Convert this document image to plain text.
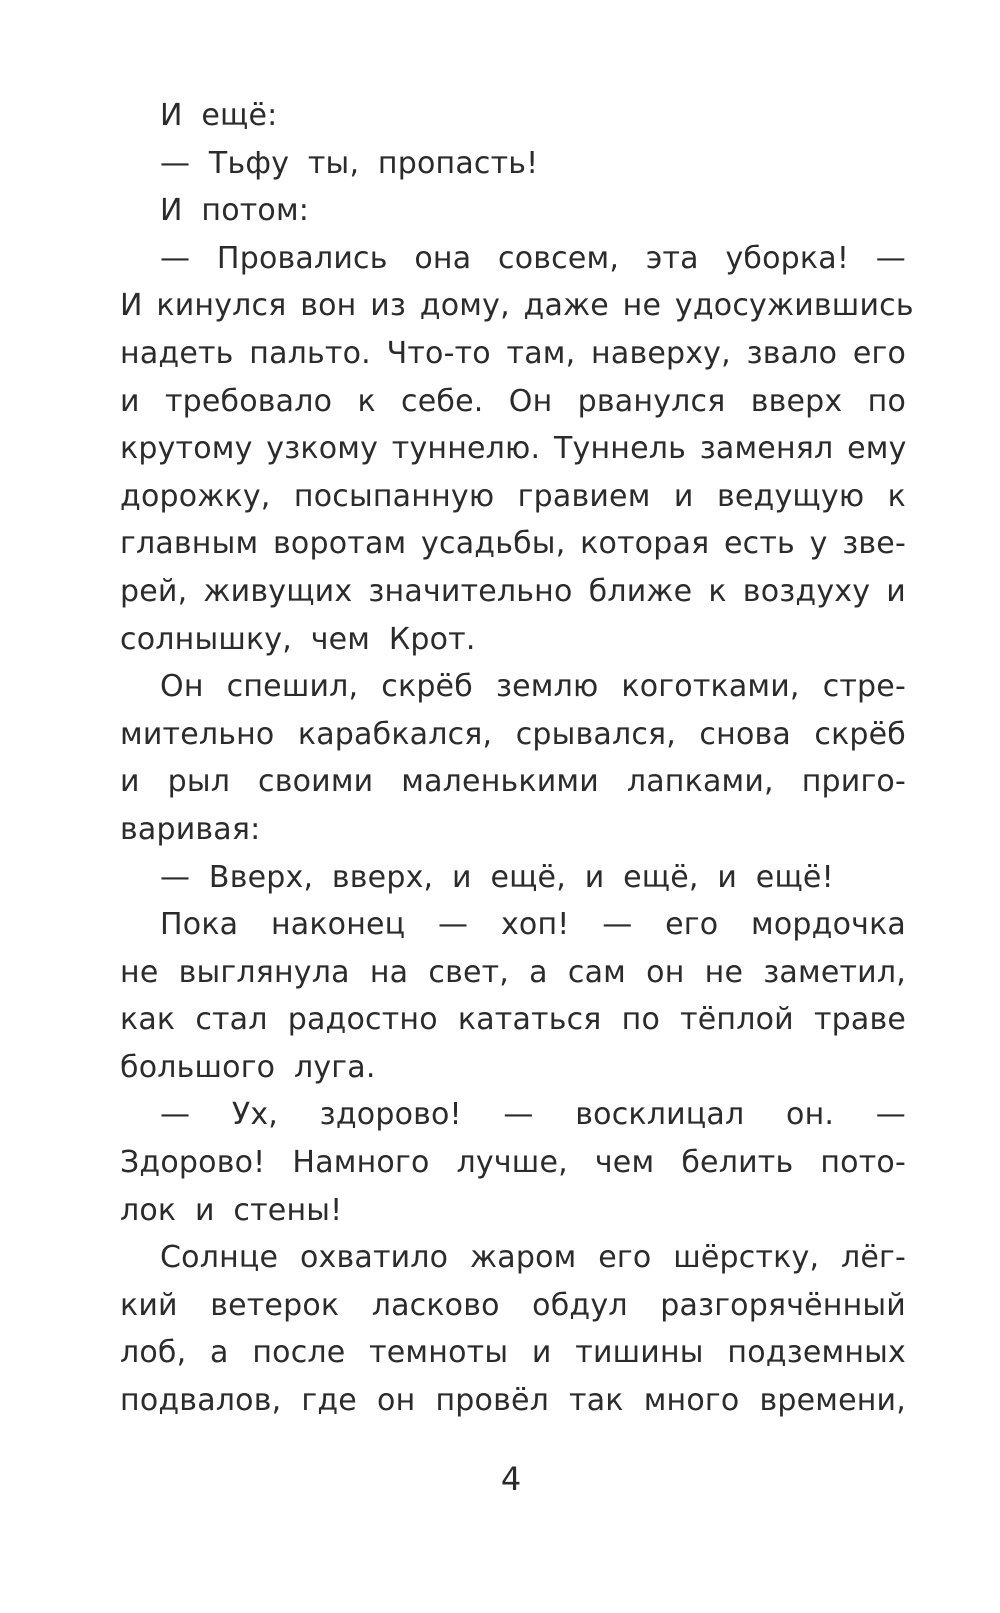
И ещё:
— Тьфу ты, пропасть!
И потом:
— Провались она совсем, эта уборка! —
И кинулся вон из дому, даже не удосужившись
надеть пальто. Что-то там, наверху, звало его
и требовало к себе. Он рванулся вверх по
крутому узкому туннелю. Туннель заменял ему
дорожку, посыпанную гравием и ведущую к
главным воротам усадьбы, которая есть у зве-
рей, живущих значительно ближе к воздуху и
солнышку, чем Крот.
Он спешил, скрёб землю коготками, стре-
мительно карабкался, срывался, снова скрёб
и рыл своими маленькими лапками, приго-
варивая:
— Вверх, вверх, и ещё, и ещё, и ещё!
Пока наконец — хоп! — его мордочка
не выглянула на свет, а сам он не заметил,
как стал радостно кататься по тёплой траве
большого луга.
— Ух, здорово! — восклицал он. —
Здорово! Намного лучше, чем белить пото-
лок и стены!
Солнце охватило жаром его шёрстку, лёг-
кий ветерок ласково обдул разгорячённый
лоб, а после темноты и тишины подземных
подвалов, где он провёл так много времени,
4
